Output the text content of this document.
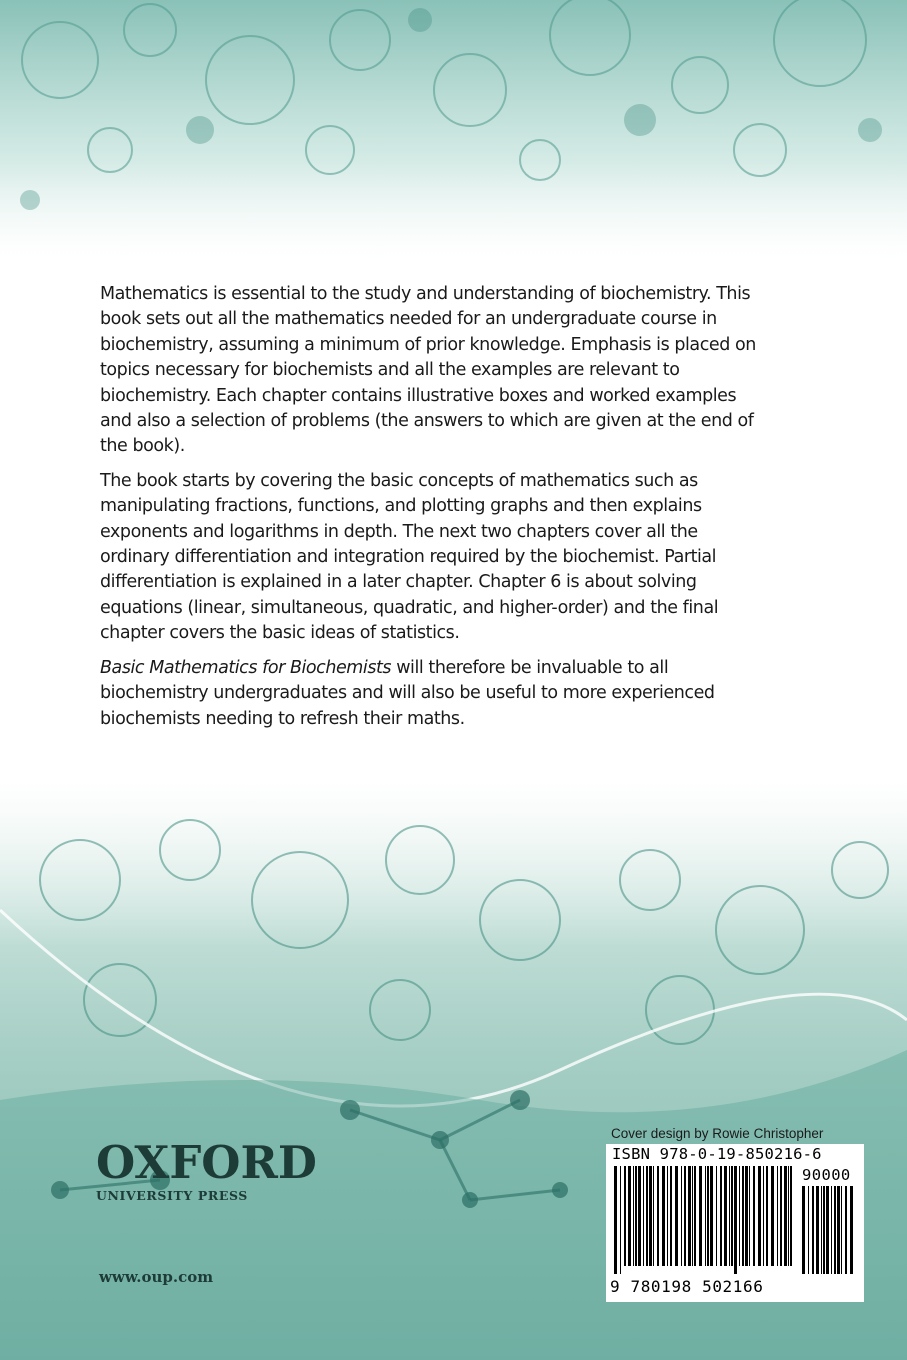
Mathematics is essential to the study and understanding of biochemistry. This book sets out all the mathematics needed for an undergraduate course in biochemistry, assuming a minimum of prior knowledge. Emphasis is placed on topics necessary for biochemists and all the examples are relevant to biochemistry. Each chapter contains illustrative boxes and worked examples and also a selection of problems (the answers to which are given at the end of the book).

The book starts by covering the basic concepts of mathematics such as manipulating fractions, functions, and plotting graphs and then explains exponents and logarithms in depth. The next two chapters cover all the ordinary differentiation and integration required by the biochemist. Partial differentiation is explained in a later chapter. Chapter 6 is about solving equations (linear, simultaneous, quadratic, and higher-order) and the final chapter covers the basic ideas of statistics.

Basic Mathematics for Biochemists will therefore be invaluable to all biochemistry undergraduates and will also be useful to more experienced biochemists needing to refresh their maths.

OXFORD
UNIVERSITY PRESS
www.oup.com
Cover design by Rowie Christopher
ISBN 978-0-19-850216-6
90000
9 780198 502166
